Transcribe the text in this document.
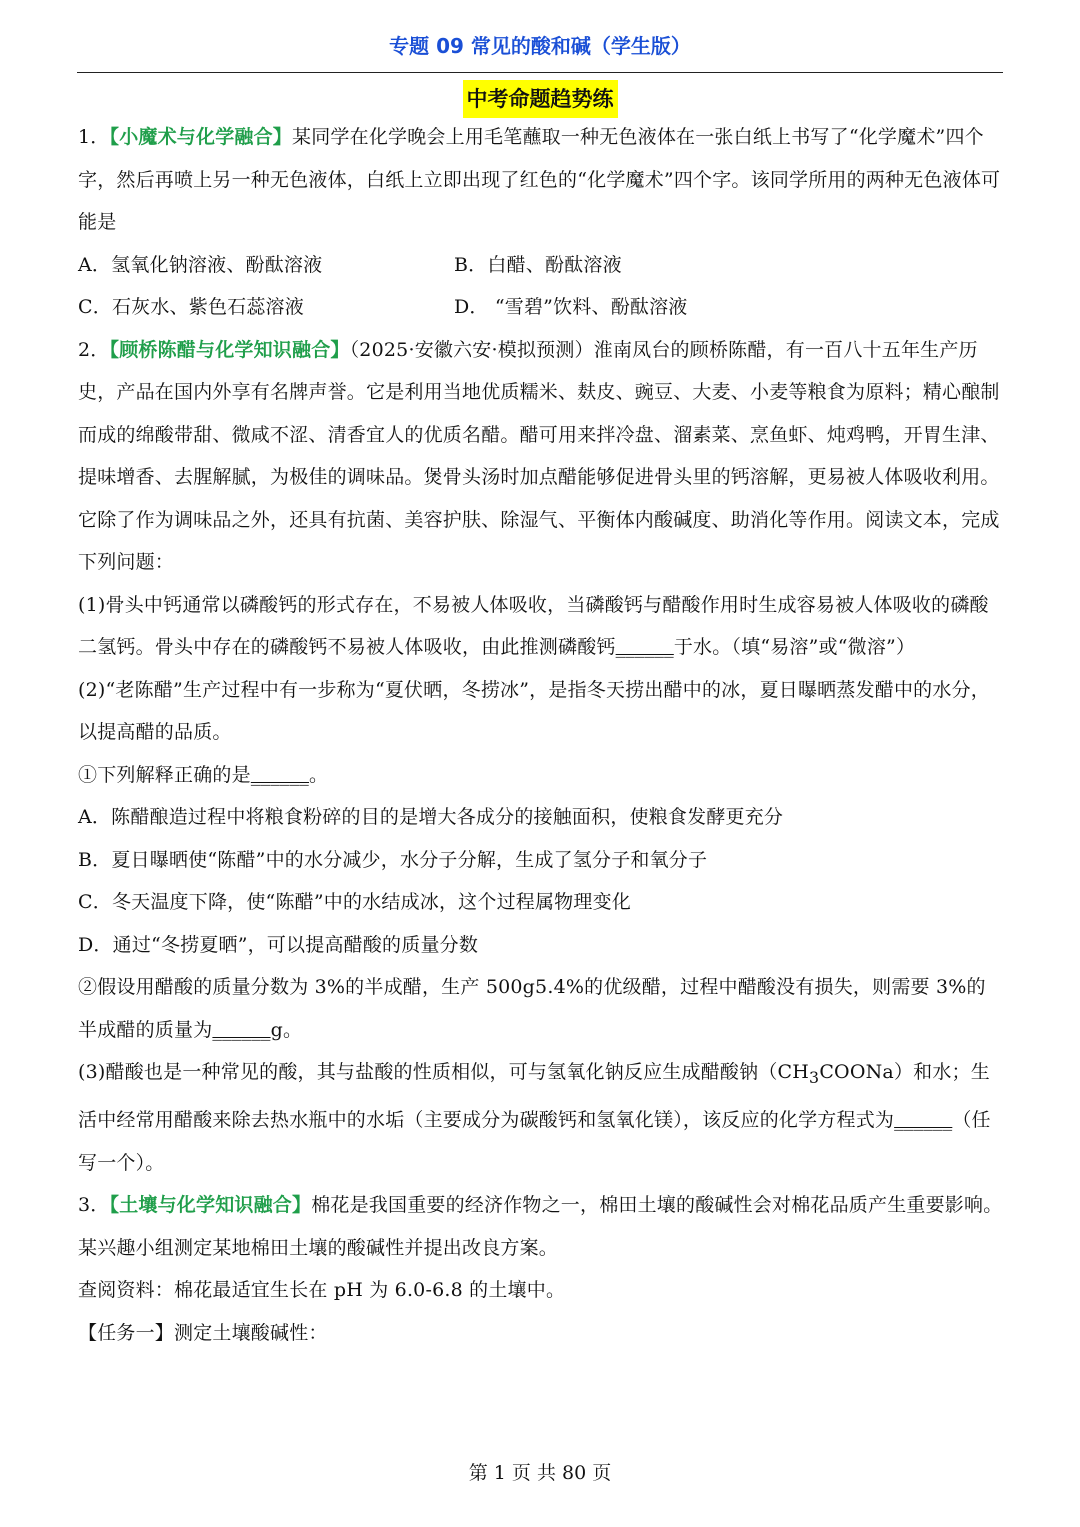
专题 09 常见的酸和碱（学生版）
中考命题趋势练

1．【小魔术与化学融合】某同学在化学晚会上用毛笔蘸取一种无色液体在一张白纸上书写了“化学魔术”四个字，然后再喷上另一种无色液体，白纸上立即出现了红色的“化学魔术”四个字。该同学所用的两种无色液体可能是

A．氢氧化钠溶液、酚酞溶液	B．白醋、酚酞溶液
C．石灰水、紫色石蕊溶液	D． “雪碧”饮料、酚酞溶液

2．【顾桥陈醋与化学知识融合】（2025·安徽六安·模拟预测）淮南凤台的顾桥陈醋，有一百八十五年生产历史，产品在国内外享有名牌声誉。它是利用当地优质糯米、麸皮、豌豆、大麦、小麦等粮食为原料；精心酿制而成的绵酸带甜、微咸不涩、清香宜人的优质名醋。醋可用来拌冷盘、溜素菜、烹鱼虾、炖鸡鸭，开胃生津、提味增香、去腥解腻，为极佳的调味品。煲骨头汤时加点醋能够促进骨头里的钙溶解，更易被人体吸收利用。它除了作为调味品之外，还具有抗菌、美容护肤、除湿气、平衡体内酸碱度、助消化等作用。阅读文本，完成下列问题：

(1)骨头中钙通常以磷酸钙的形式存在，不易被人体吸收，当磷酸钙与醋酸作用时生成容易被人体吸收的磷酸二氢钙。骨头中存在的磷酸钙不易被人体吸收，由此推测磷酸钙______于水。（填“易溶”或“微溶”）

(2)“老陈醋”生产过程中有一步称为“夏伏晒，冬捞冰”，是指冬天捞出醋中的冰，夏日曝晒蒸发醋中的水分，以提高醋的品质。

①下列解释正确的是______。

A．陈醋酿造过程中将粮食粉碎的目的是增大各成分的接触面积，使粮食发酵更充分

B．夏日曝晒使“陈醋”中的水分减少，水分子分解，生成了氢分子和氧分子

C．冬天温度下降，使“陈醋”中的水结成冰，这个过程属物理变化

D．通过“冬捞夏晒”，可以提高醋酸的质量分数

②假设用醋酸的质量分数为 3%的半成醋，生产 500g5.4%的优级醋，过程中醋酸没有损失，则需要 3%的半成醋的质量为______g。

(3)醋酸也是一种常见的酸，其与盐酸的性质相似，可与氢氧化钠反应生成醋酸钠$(CH_3COONa)$和水；生活中经常用醋酸来除去热水瓶中的水垢（主要成分为碳酸钙和氢氧化镁），该反应的化学方程式为______（任写一个）。

3．【土壤与化学知识融合】棉花是我国重要的经济作物之一，棉田土壤的酸碱性会对棉花品质产生重要影响。

某兴趣小组测定某地棉田土壤的酸碱性并提出改良方案。

查阅资料：棉花最适宜生长在 pH 为 6.0-6.8 的土壤中。

【任务一】测定土壤酸碱性：

第 1 页 共 80 页
